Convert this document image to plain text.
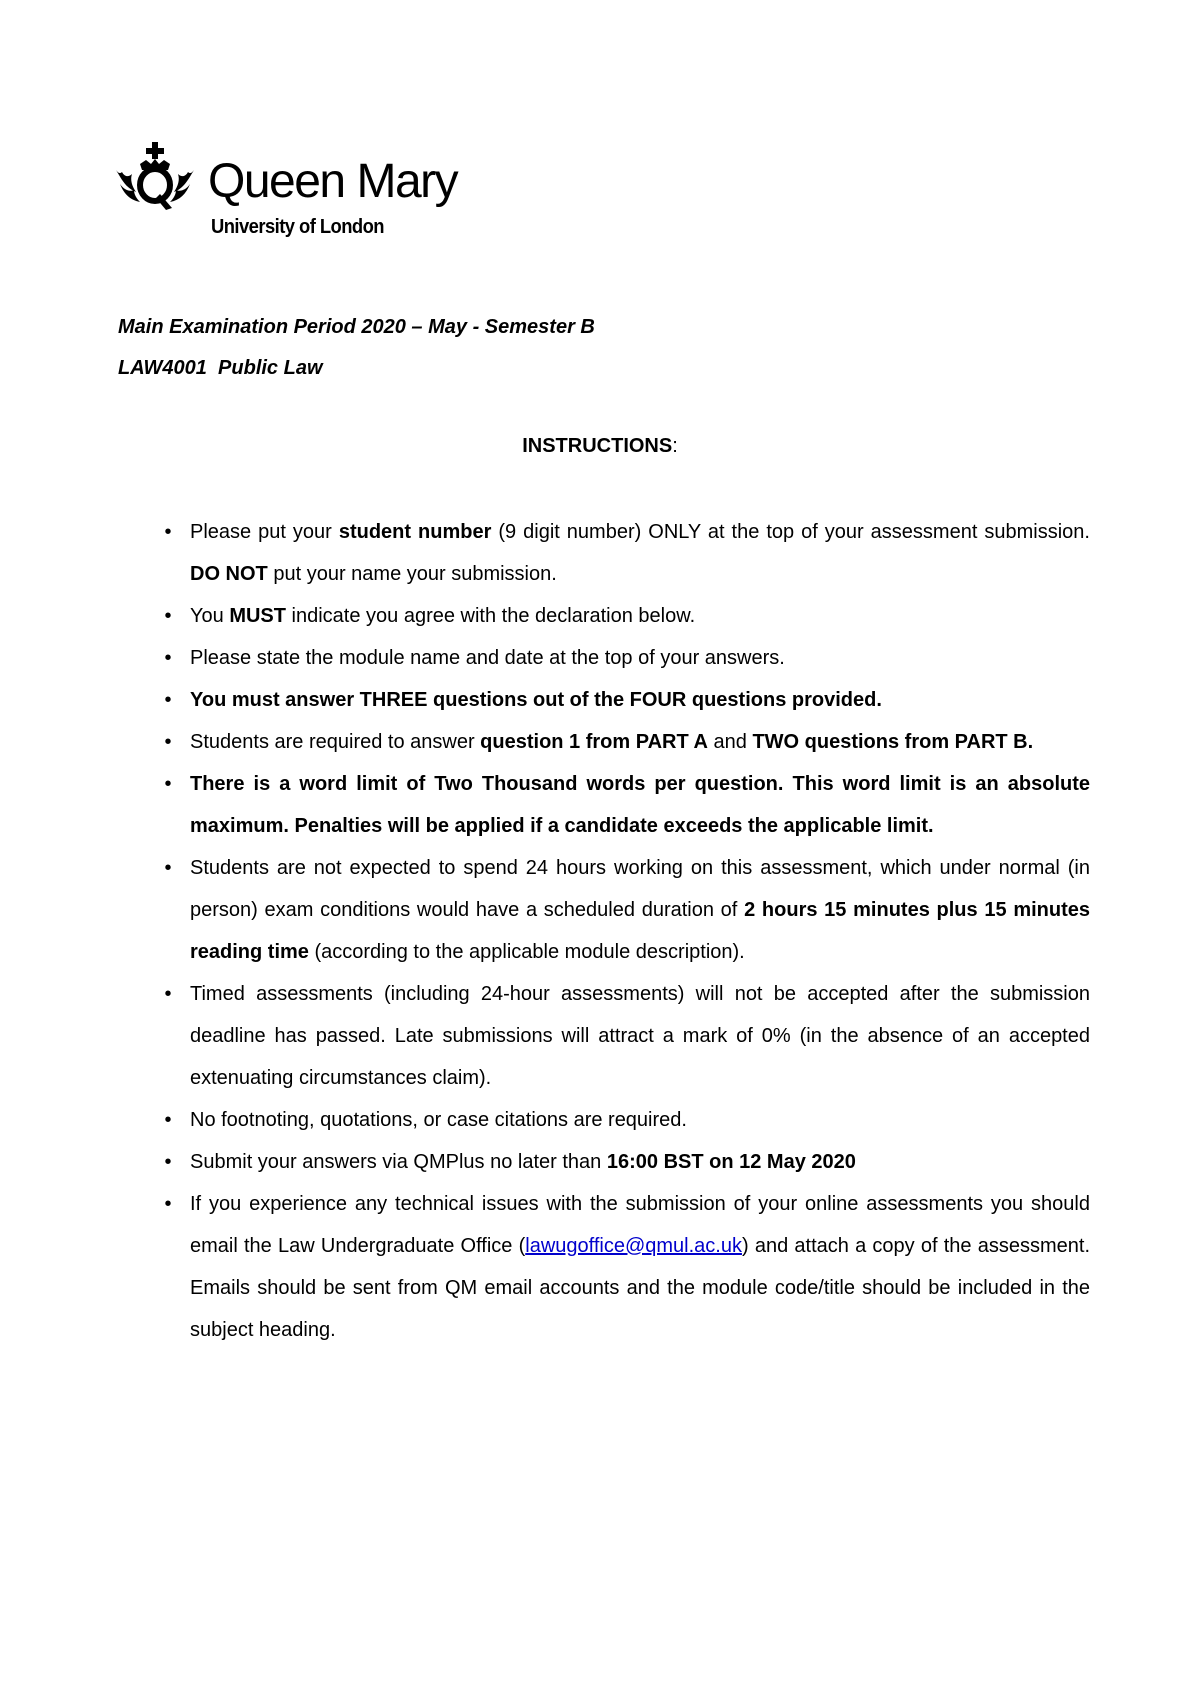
Queen Mary
University of London
Main Examination Period 2020 – May - Semester B
LAW4001  Public Law
INSTRUCTIONS:
• Please put your student number (9 digit number) ONLY at the top of your assessment submission. DO NOT put your name your submission.
• You MUST indicate you agree with the declaration below.
• Please state the module name and date at the top of your answers.
• You must answer THREE questions out of the FOUR questions provided.
• Students are required to answer question 1 from PART A and TWO questions from PART B.
• There is a word limit of Two Thousand words per question. This word limit is an absolute maximum. Penalties will be applied if a candidate exceeds the applicable limit.
• Students are not expected to spend 24 hours working on this assessment, which under normal (in person) exam conditions would have a scheduled duration of 2 hours 15 minutes plus 15 minutes reading time (according to the applicable module description).
• Timed assessments (including 24-hour assessments) will not be accepted after the submission deadline has passed. Late submissions will attract a mark of 0% (in the absence of an accepted extenuating circumstances claim).
• No footnoting, quotations, or case citations are required.
• Submit your answers via QMPlus no later than 16:00 BST on 12 May 2020
• If you experience any technical issues with the submission of your online assessments you should email the Law Undergraduate Office (lawugoffice@qmul.ac.uk) and attach a copy of the assessment. Emails should be sent from QM email accounts and the module code/title should be included in the subject heading.
